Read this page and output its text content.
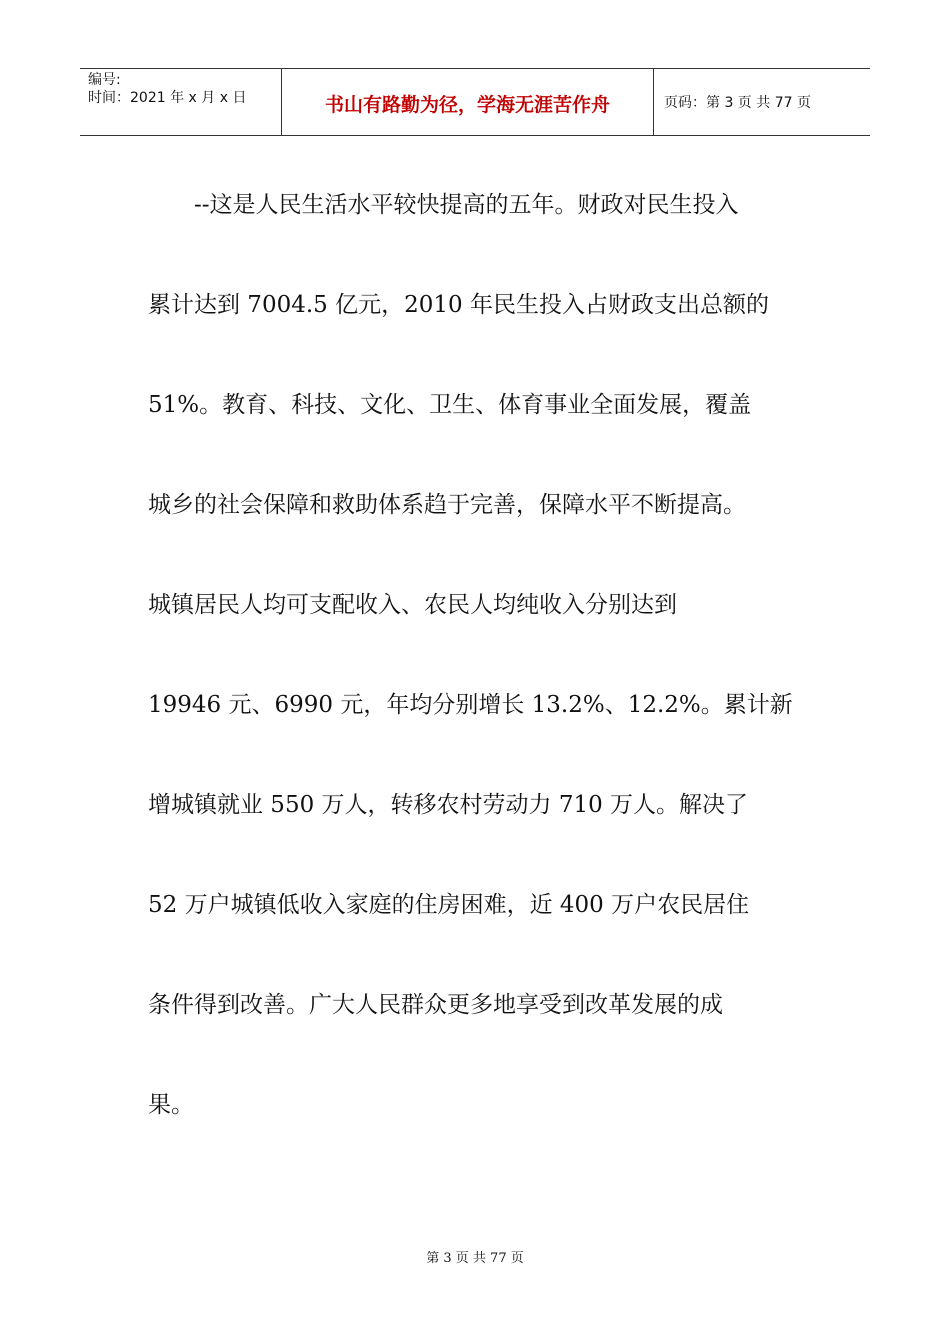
编号:
时间：2021 年 x 月 x 日	书山有路勤为径，学海无涯苦作舟	页码：第 3 页 共 77 页
　　--这是人民生活水平较快提高的五年。财政对民生投入
累计达到 7004.5 亿元，2010 年民生投入占财政支出总额的
51%。教育、科技、文化、卫生、体育事业全面发展，覆盖
城乡的社会保障和救助体系趋于完善，保障水平不断提高。
城镇居民人均可支配收入、农民人均纯收入分别达到
19946 元、6990 元，年均分别增长 13.2%、12.2%。累计新
增城镇就业 550 万人，转移农村劳动力 710 万人。解决了
52 万户城镇低收入家庭的住房困难，近 400 万户农民居住
条件得到改善。广大人民群众更多地享受到改革发展的成
果。
第 3 页 共 77 页
